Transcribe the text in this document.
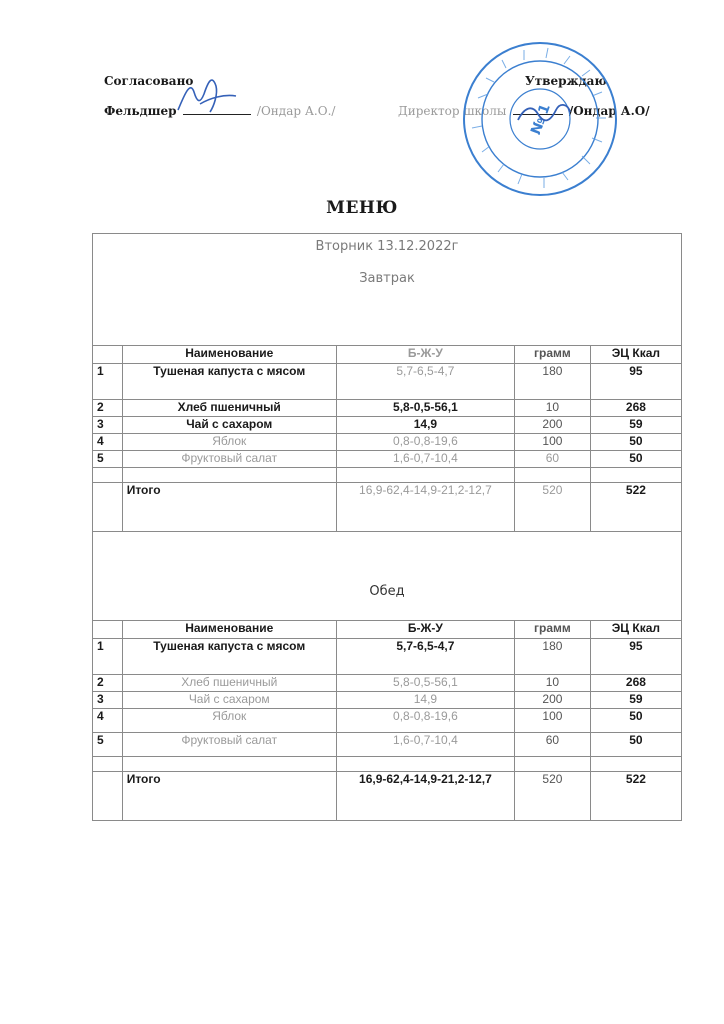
Согласовано
Фельдшер	/Ондар А.О./
Утверждаю
Директор школы	/Ондар А.О/
№ 1
МЕНЮ
Вторник 13.12.2022г
Завтрак				

	Наименование	Б-Ж-У	грамм	ЭЦ Ккал
1	Тушеная капуста с мясом	5,7-6,5-4,7	180	95
2	Хлеб пшеничный	5,8-0,5-56,1	10	268
3	Чай с сахаром	14,9	200	59
4	Яблок	0,8-0,8-19,6	100	50
5	Фруктовый салат	1,6-0,7-10,4	60	50

	Итого	16,9-62,4-14,9-21,2-12,7	520	522

Обед				

	Наименование	Б-Ж-У	грамм	ЭЦ Ккал
1	Тушеная капуста с мясом	5,7-6,5-4,7	180	95
2	Хлеб пшеничный	5,8-0,5-56,1	10	268
3	Чай с сахаром	14,9	200	59
4	Яблок	0,8-0,8-19,6	100	50
5	Фруктовый салат	1,6-0,7-10,4	60	50

	Итого	16,9-62,4-14,9-21,2-12,7	520	522
